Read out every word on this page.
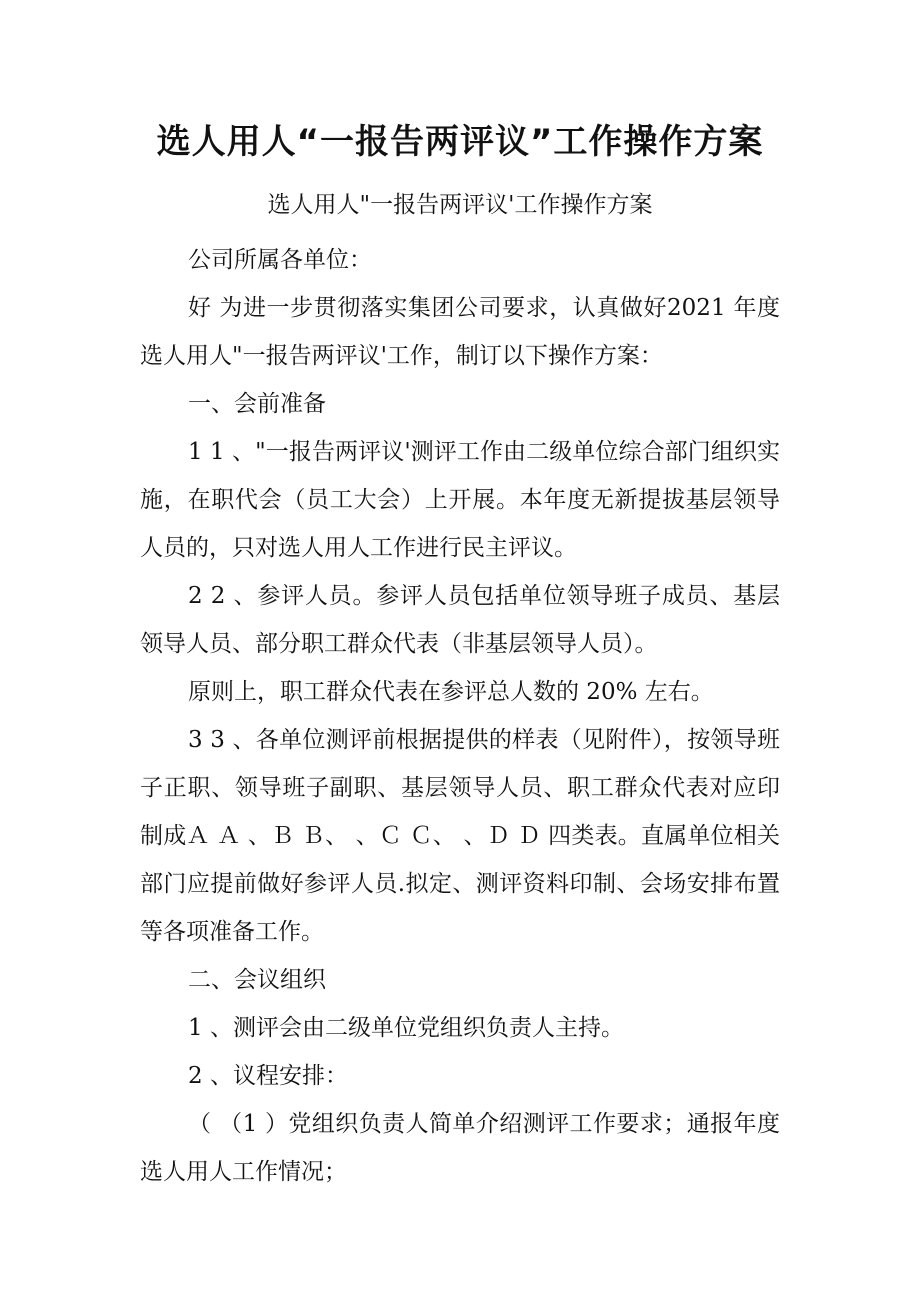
选人用人“一报告两评议”工作操作方案

选人用人"一报告两评议'工作操作方案

公司所属各单位：

好 为进一步贯彻落实集团公司要求，认真做好2021 年度选人用人"一报告两评议'工作，制订以下操作方案：

一、会前准备

1 1 、"一报告两评议'测评工作由二级单位综合部门组织实施，在职代会（员工大会）上开展。本年度无新提拔基层领导人员的，只对选人用人工作进行民主评议。

2 2 、参评人员。参评人员包括单位领导班子成员、基层领导人员、部分职工群众代表（非基层领导人员）。

原则上，职工群众代表在参评总人数的 20% 左右。

3 3 、各单位测评前根据提供的样表（见附件），按领导班子正职、领导班子副职、基层领导人员、职工群众代表对应印制成Ａ Ａ 、Ｂ Ｂ、 、Ｃ Ｃ、 、Ｄ Ｄ 四类表。直属单位相关部门应提前做好参评人员.拟定、测评资料印制、会场安排布置等各项准备工作。

二、会议组织

1 、测评会由二级单位党组织负责人主持。

2 、议程安排：

（ （1 ）党组织负责人简单介绍测评工作要求；通报年度选人用人工作情况；
